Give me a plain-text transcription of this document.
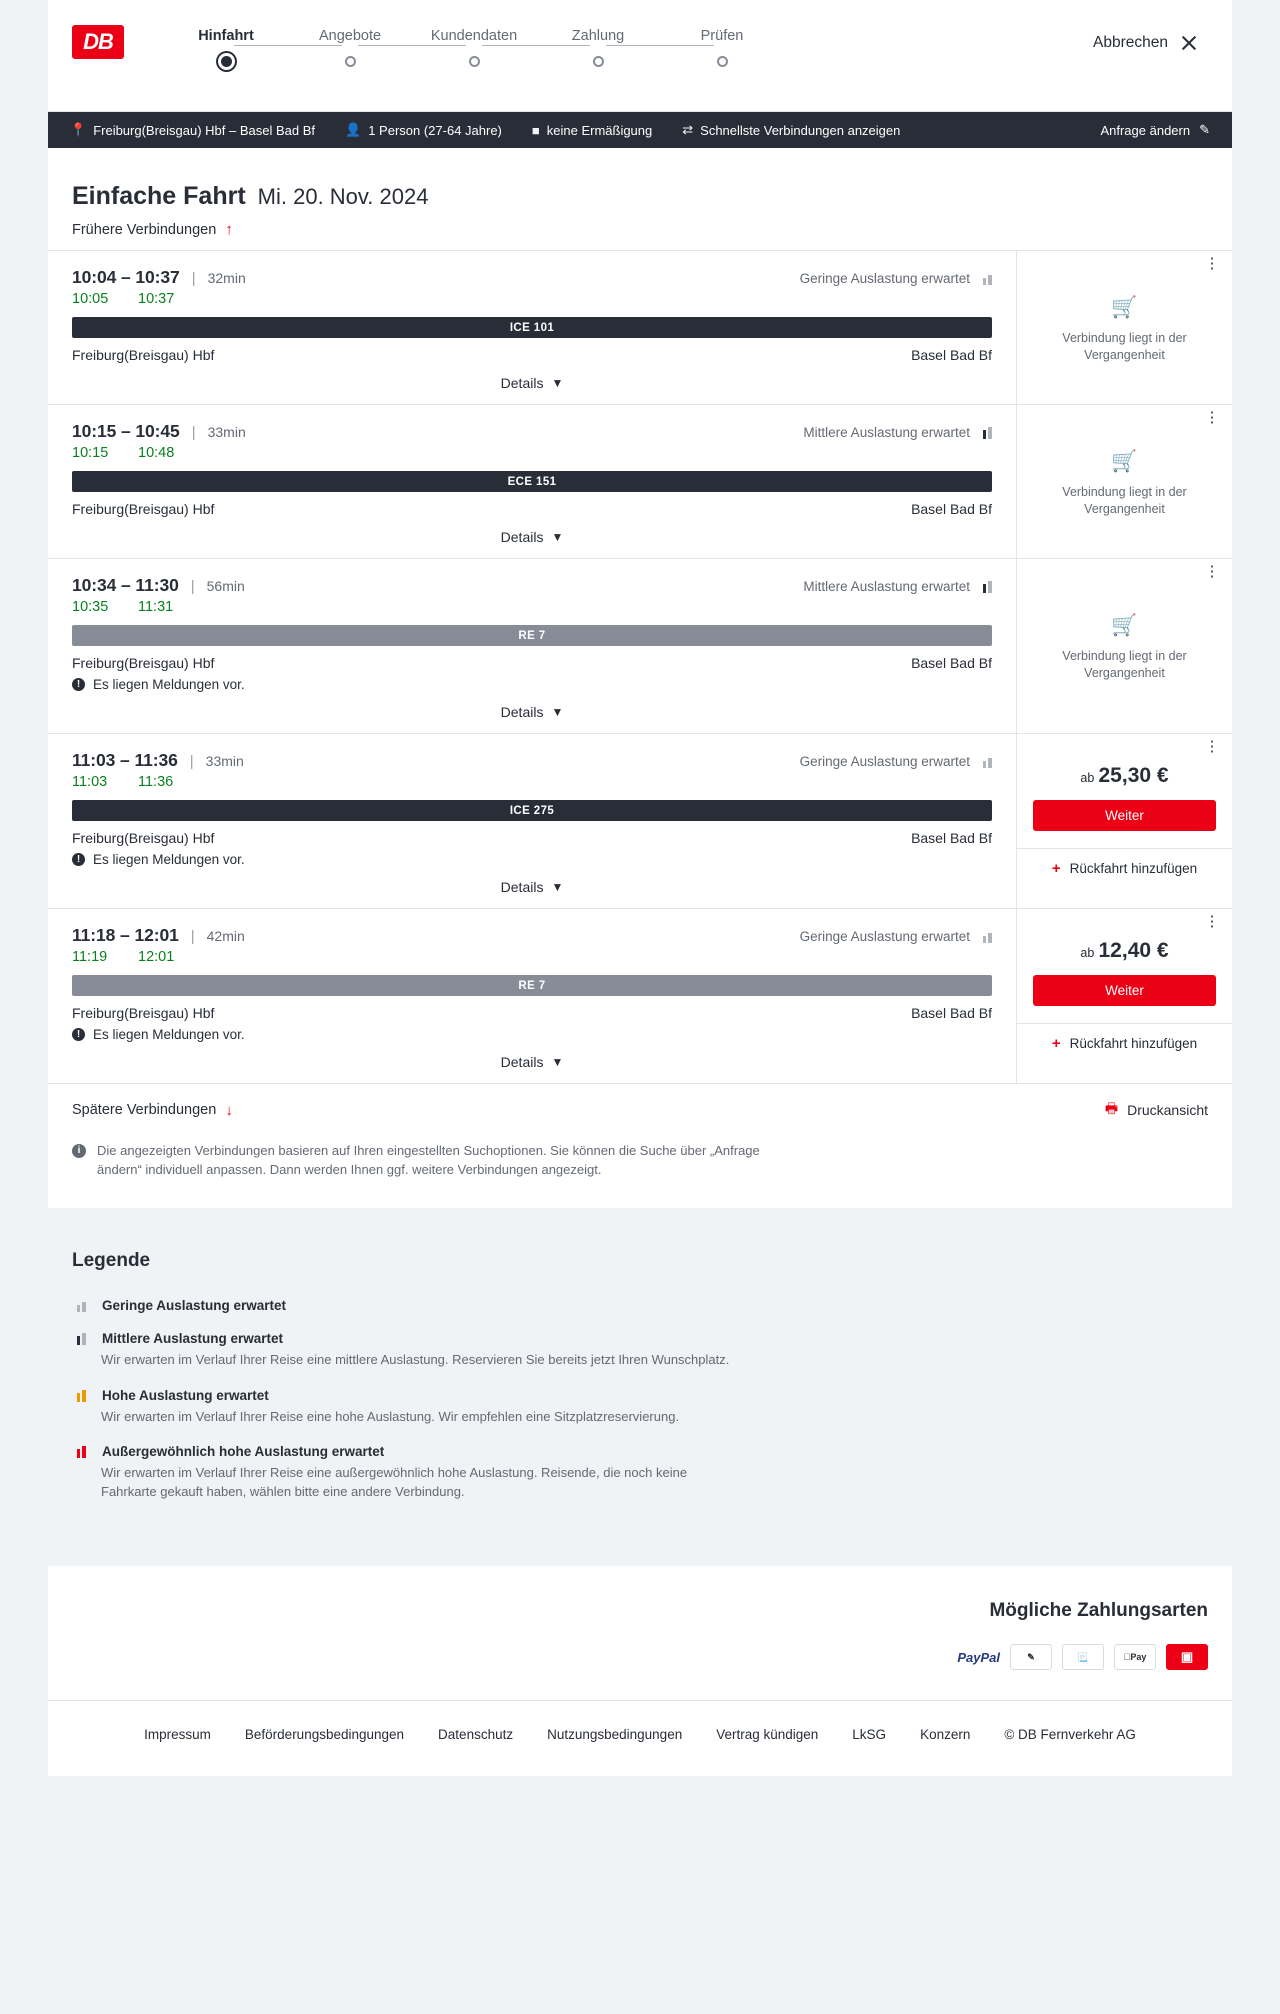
DB	Hinfahrt	Angebote	Kundendaten	Zahlung	Prüfen	Abbrechen
📍 Freiburg(Breisgau) Hbf – Basel Bad Bf 👤 1 Person (27-64 Jahre) ■ keine Ermäßigung ⇄ Schnellste Verbindungen anzeigen	Anfrage ändern ✎
Einfache Fahrt Mi. 20. Nov. 2024
Frühere Verbindungen ↑
10:04 – 10:37 | 32min	Geringe Auslastung erwartet
10:05	10:37
ICE 101
Freiburg(Breisgau) Hbf	Basel Bad Bf
Details ▼
⋮
🛒
Verbindung liegt in der Vergangenheit
10:15 – 10:45 | 33min	Mittlere Auslastung erwartet
10:15	10:48
ECE 151
Freiburg(Breisgau) Hbf	Basel Bad Bf
Details ▼
⋮
🛒
Verbindung liegt in der Vergangenheit
10:34 – 11:30 | 56min	Mittlere Auslastung erwartet
10:35	11:31
RE 7
Freiburg(Breisgau) Hbf	Basel Bad Bf
! Es liegen Meldungen vor.
Details ▼
⋮
🛒
Verbindung liegt in der Vergangenheit
11:03 – 11:36 | 33min	Geringe Auslastung erwartet
11:03	11:36
ICE 275
Freiburg(Breisgau) Hbf	Basel Bad Bf
! Es liegen Meldungen vor.
Details ▼
⋮
ab 25,30 €
Weiter
+ Rückfahrt hinzufügen
11:18 – 12:01 | 42min	Geringe Auslastung erwartet
11:19	12:01
RE 7
Freiburg(Breisgau) Hbf	Basel Bad Bf
! Es liegen Meldungen vor.
Details ▼
⋮
ab 12,40 €
Weiter
+ Rückfahrt hinzufügen
Spätere Verbindungen ↓	🖶 Druckansicht
i	Die angezeigten Verbindungen basieren auf Ihren eingestellten Suchoptionen. Sie können die Suche über „Anfrage ändern“ individuell anpassen. Dann werden Ihnen ggf. weitere Verbindungen angezeigt.
Legende
Geringe Auslastung erwartet
Mittlere Auslastung erwartet
Wir erwarten im Verlauf Ihrer Reise eine mittlere Auslastung. Reservieren Sie bereits jetzt Ihren Wunschplatz.
Hohe Auslastung erwartet
Wir erwarten im Verlauf Ihrer Reise eine hohe Auslastung. Wir empfehlen eine Sitzplatzreservierung.
Außergewöhnlich hohe Auslastung erwartet
Wir erwarten im Verlauf Ihrer Reise eine außergewöhnlich hohe Auslastung. Reisende, die noch keine Fahrkarte gekauft haben, wählen bitte eine andere Verbindung.
Mögliche Zahlungsarten
PayPal	✎	📃	Pay	▣
Impressum	Beförderungsbedingungen	Datenschutz	Nutzungsbedingungen	Vertrag kündigen	LkSG	Konzern	© DB Fernverkehr AG
